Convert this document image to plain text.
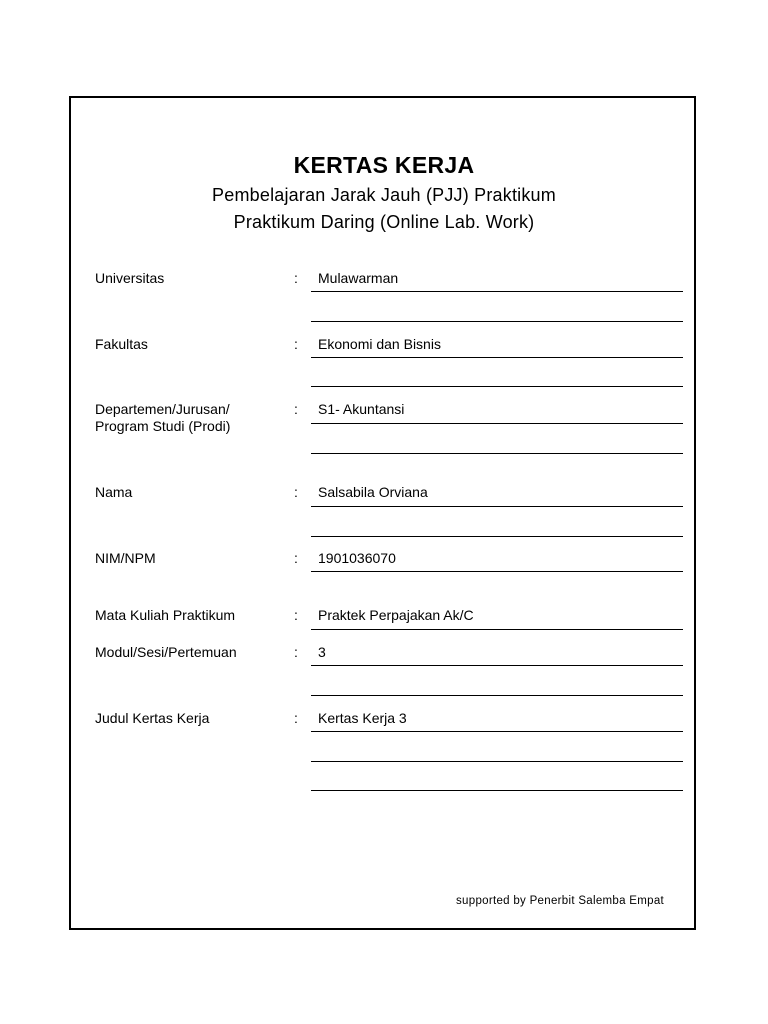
KERTAS KERJA
Pembelajaran Jarak Jauh (PJJ) Praktikum
Praktikum Daring (Online Lab. Work)
Universitas	: Mulawarman
Fakultas	: Ekonomi dan Bisnis
Departemen/Jurusan/
Program Studi (Prodi)
: S1- Akuntansi
Nama	: Salsabila Orviana
NIM/NPM	: 1901036070
Mata Kuliah Praktikum	: Praktek Perpajakan Ak/C
Modul/Sesi/Pertemuan	: 3
Judul Kertas Kerja	: Kertas Kerja 3
supported by Penerbit Salemba Empat
